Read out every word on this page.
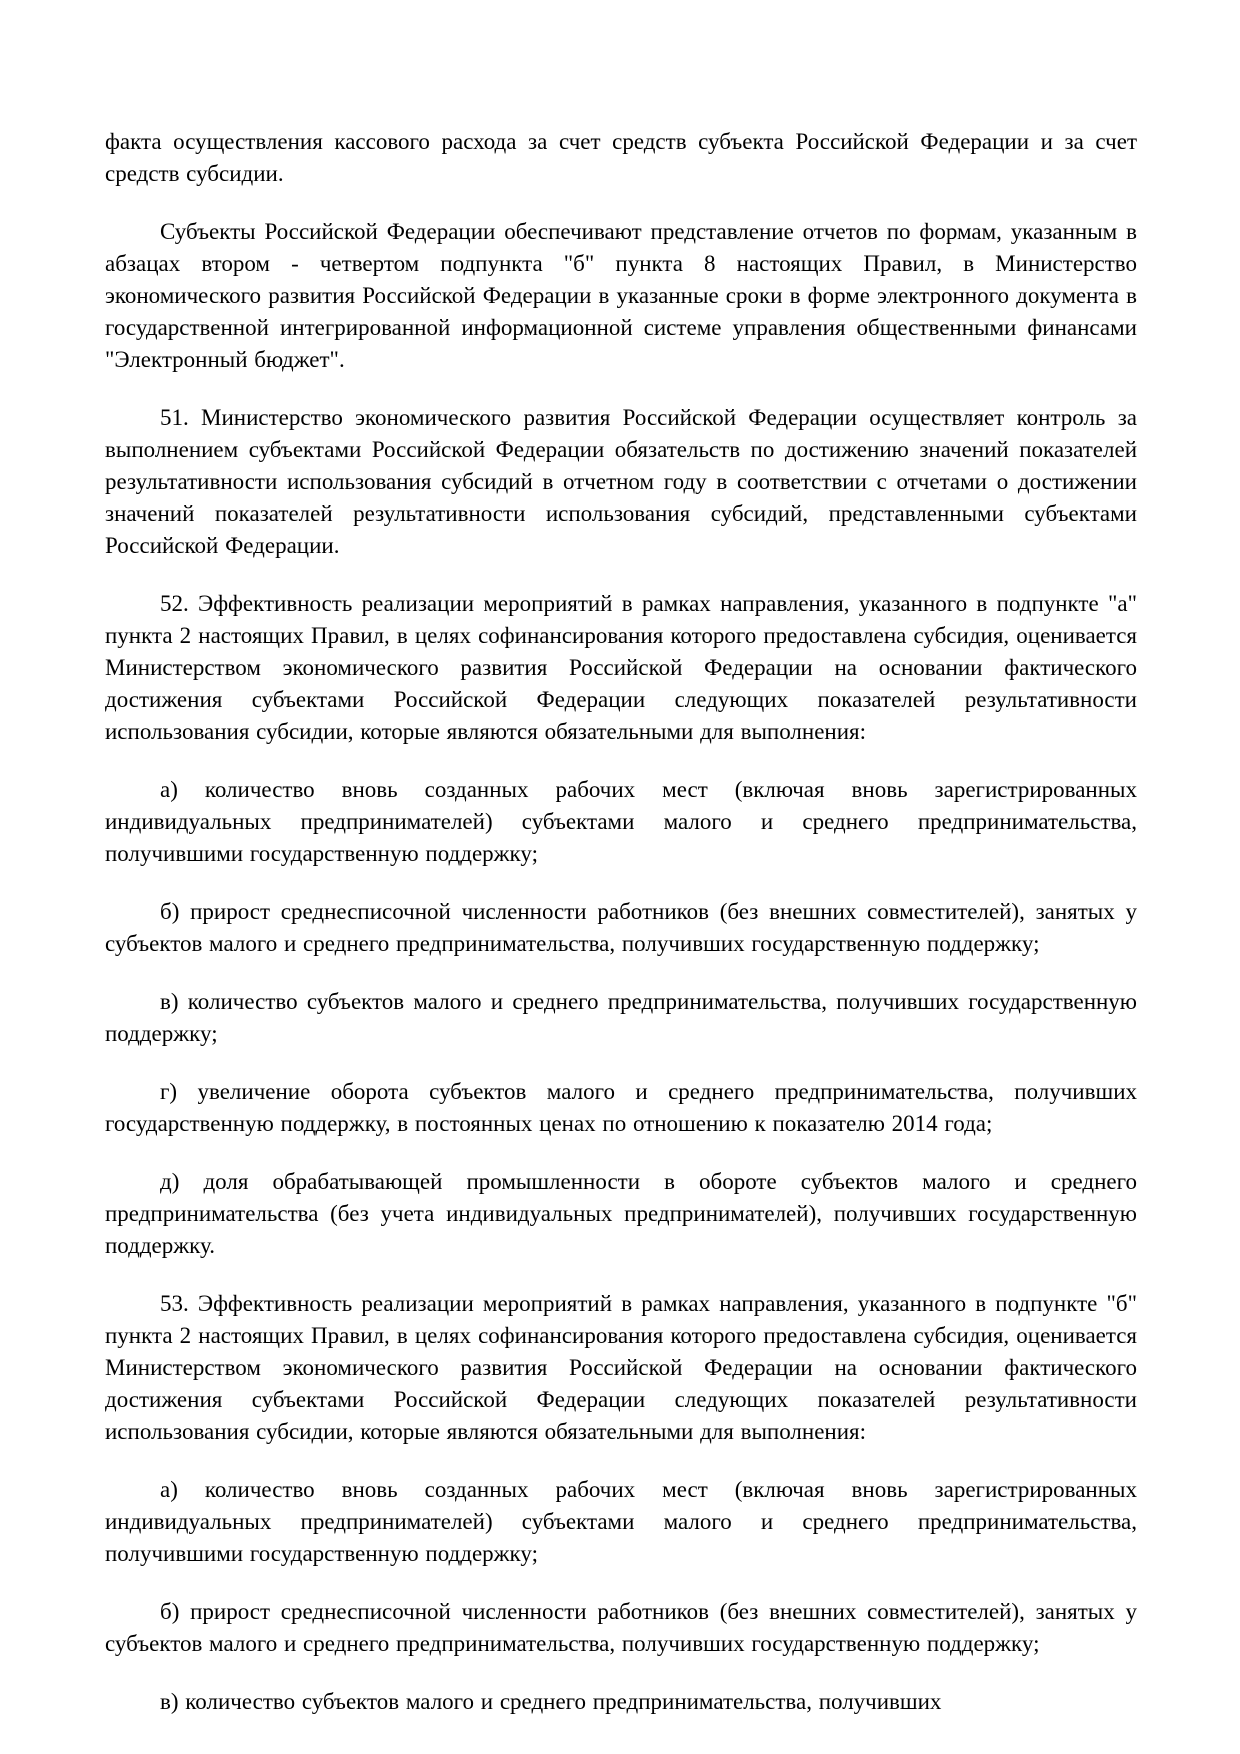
факта осуществления кассового расхода за счет средств субъекта Российской Федерации и за счет средств субсидии.

Субъекты Российской Федерации обеспечивают представление отчетов по формам, указанным в абзацах втором - четвертом подпункта "б" пункта 8 настоящих Правил, в Министерство экономического развития Российской Федерации в указанные сроки в форме электронного документа в государственной интегрированной информационной системе управления общественными финансами "Электронный бюджет".

51. Министерство экономического развития Российской Федерации осуществляет контроль за выполнением субъектами Российской Федерации обязательств по достижению значений показателей результативности использования субсидий в отчетном году в соответствии с отчетами о достижении значений показателей результативности использования субсидий, представленными субъектами Российской Федерации.

52. Эффективность реализации мероприятий в рамках направления, указанного в подпункте "а" пункта 2 настоящих Правил, в целях софинансирования которого предоставлена субсидия, оценивается Министерством экономического развития Российской Федерации на основании фактического достижения субъектами Российской Федерации следующих показателей результативности использования субсидии, которые являются обязательными для выполнения:

а) количество вновь созданных рабочих мест (включая вновь зарегистрированных индивидуальных предпринимателей) субъектами малого и среднего предпринимательства, получившими государственную поддержку;

б) прирост среднесписочной численности работников (без внешних совместителей), занятых у субъектов малого и среднего предпринимательства, получивших государственную поддержку;

в) количество субъектов малого и среднего предпринимательства, получивших государственную поддержку;

г) увеличение оборота субъектов малого и среднего предпринимательства, получивших государственную поддержку, в постоянных ценах по отношению к показателю 2014 года;

д) доля обрабатывающей промышленности в обороте субъектов малого и среднего предпринимательства (без учета индивидуальных предпринимателей), получивших государственную поддержку.

53. Эффективность реализации мероприятий в рамках направления, указанного в подпункте "б" пункта 2 настоящих Правил, в целях софинансирования которого предоставлена субсидия, оценивается Министерством экономического развития Российской Федерации на основании фактического достижения субъектами Российской Федерации следующих показателей результативности использования субсидии, которые являются обязательными для выполнения:

а) количество вновь созданных рабочих мест (включая вновь зарегистрированных индивидуальных предпринимателей) субъектами малого и среднего предпринимательства, получившими государственную поддержку;

б) прирост среднесписочной численности работников (без внешних совместителей), занятых у субъектов малого и среднего предпринимательства, получивших государственную поддержку;

в) количество субъектов малого и среднего предпринимательства, получивших
